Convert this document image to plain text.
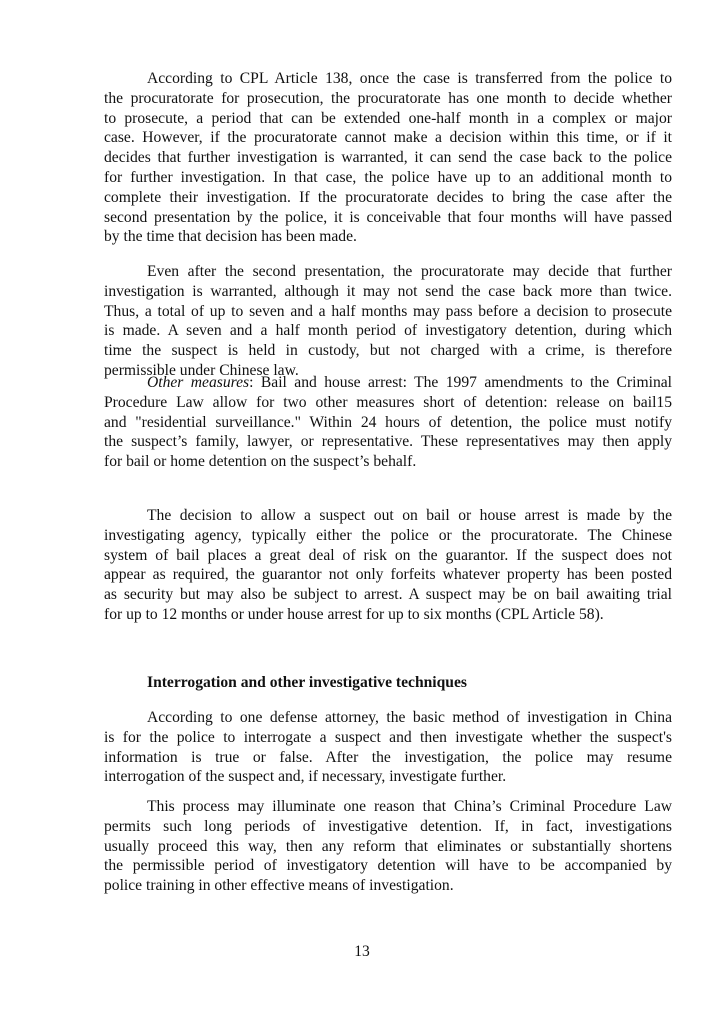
According to CPL Article 138, once the case is transferred from the police to
the procuratorate for prosecution, the procuratorate has one month to decide whether
to prosecute, a period that can be extended one-half month in a complex or major
case. However, if the procuratorate cannot make a decision within this time, or if it
decides that further investigation is warranted, it can send the case back to the police
for further investigation. In that case, the police have up to an additional month to
complete their investigation. If the procuratorate decides to bring the case after the
second presentation by the police, it is conceivable that four months will have passed
by the time that decision has been made.
Even after the second presentation, the procuratorate may decide that further
investigation is warranted, although it may not send the case back more than twice.
Thus, a total of up to seven and a half months may pass before a decision to prosecute
is made. A seven and a half month period of investigatory detention, during which
time the suspect is held in custody, but not charged with a crime, is therefore
permissible under Chinese law.
Other measures: Bail and house arrest: The 1997 amendments to the Criminal
Procedure Law allow for two other measures short of detention: release on bail15
and "residential surveillance." Within 24 hours of detention, the police must notify
the suspect’s family, lawyer, or representative. These representatives may then apply
for bail or home detention on the suspect’s behalf.
The decision to allow a suspect out on bail or house arrest is made by the
investigating agency, typically either the police or the procuratorate. The Chinese
system of bail places a great deal of risk on the guarantor. If the suspect does not
appear as required, the guarantor not only forfeits whatever property has been posted
as security but may also be subject to arrest. A suspect may be on bail awaiting trial
for up to 12 months or under house arrest for up to six months (CPL Article 58).
Interrogation and other investigative techniques
According to one defense attorney, the basic method of investigation in China
is for the police to interrogate a suspect and then investigate whether the suspect's
information is true or false. After the investigation, the police may resume
interrogation of the suspect and, if necessary, investigate further.
This process may illuminate one reason that China’s Criminal Procedure Law
permits such long periods of investigative detention. If, in fact, investigations
usually proceed this way, then any reform that eliminates or substantially shortens
the permissible period of investigatory detention will have to be accompanied by
police training in other effective means of investigation.
13
